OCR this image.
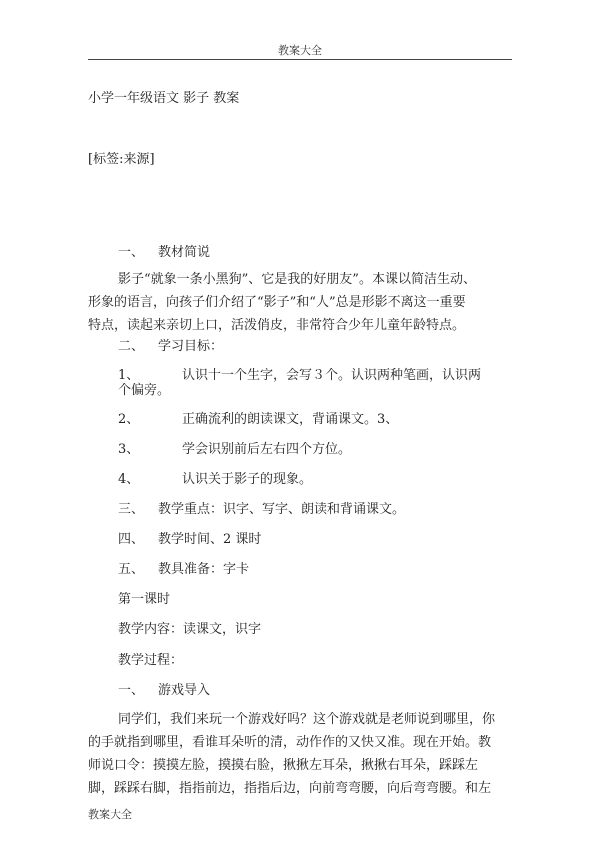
教案大全
小学一年级语文 影子 教案
[标签:来源]
一、 教材简说
影子“就象一条小黑狗”、它是我的好朋友”。本课以简洁生动、
形象的语言，向孩子们介绍了“影子”和“人”总是形影不离这一重要
特点，读起来亲切上口，活泼俏皮，非常符合少年儿童年龄特点。
二、 学习目标：
1、	认识十一个生字，会写３个。认识两种笔画，认识两
个偏旁。
2、	正确流利的朗读课文，背诵课文。3、
3、	学会识别前后左右四个方位。
4、	认识关于影子的现象。
三、 教学重点：识字、写字、朗读和背诵课文。
四、 教学时间、2 课时
五、 教具准备：字卡
第一课时
教学内容：读课文，识字
教学过程：
一、 游戏导入
同学们，我们来玩一个游戏好吗？这个游戏就是老师说到哪里，你
的手就指到哪里，看谁耳朵听的清，动作作的又快又准。现在开始。教
师说口令：摸摸左脸，摸摸右脸，揪揪左耳朵，揪揪右耳朵，踩踩左
脚，踩踩右脚，指指前边，指指后边，向前弯弯腰，向后弯弯腰。和左
教案大全
